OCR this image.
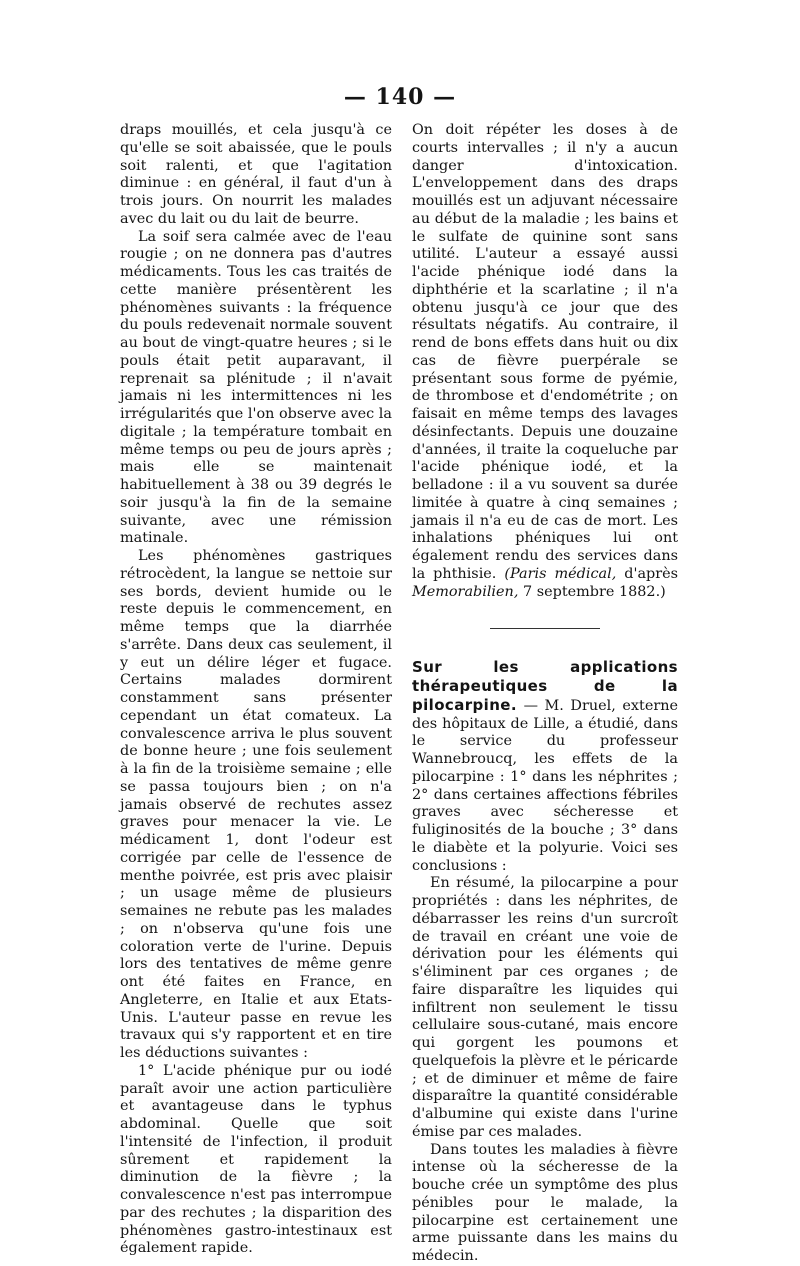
— 140 —

draps mouillés, et cela jusqu'à ce qu'elle se soit abaissée, que le pouls soit ralenti, et que l'agitation diminue : en général, il faut d'un à trois jours. On nourrit les malades avec du lait ou du lait de beurre.

La soif sera calmée avec de l'eau rougie ; on ne donnera pas d'autres médicaments. Tous les cas traités de cette manière présentèrent les phénomènes suivants : la fréquence du pouls redevenait normale souvent au bout de vingt-quatre heures ; si le pouls était petit auparavant, il reprenait sa plénitude ; il n'avait jamais ni les intermittences ni les irrégularités que l'on observe avec la digitale ; la température tombait en même temps ou peu de jours après ; mais elle se maintenait habituellement à 38 ou 39 degrés le soir jusqu'à la fin de la semaine suivante, avec une rémission matinale.

Les phénomènes gastriques rétrocèdent, la langue se nettoie sur ses bords, devient humide ou le reste depuis le commencement, en même temps que la diarrhée s'arrête. Dans deux cas seulement, il y eut un délire léger et fugace. Certains malades dormirent constamment sans présenter cependant un état comateux. La convalescence arriva le plus souvent de bonne heure ; une fois seulement à la fin de la troisième semaine ; elle se passa toujours bien ; on n'a jamais observé de rechutes assez graves pour menacer la vie. Le médicament 1, dont l'odeur est corrigée par celle de l'essence de menthe poivrée, est pris avec plaisir ; un usage même de plusieurs semaines ne rebute pas les malades ; on n'observa qu'une fois une coloration verte de l'urine. Depuis lors des tentatives de même genre ont été faites en France, en Angleterre, en Italie et aux Etats-Unis. L'auteur passe en revue les travaux qui s'y rapportent et en tire les déductions suivantes :

1° L'acide phénique pur ou iodé paraît avoir une action particulière et avantageuse dans le typhus abdominal. Quelle que soit l'intensité de l'infection, il produit sûrement et rapidement la diminution de la fièvre ; la convalescence n'est pas interrompue par des rechutes ; la disparition des phénomènes gastro-intestinaux est également rapide.

On doit répéter les doses à de courts intervalles ; il n'y a aucun danger d'intoxication. L'enveloppement dans des draps mouillés est un adjuvant nécessaire au début de la maladie ; les bains et le sulfate de quinine sont sans utilité. L'auteur a essayé aussi l'acide phénique iodé dans la diphthérie et la scarlatine ; il n'a obtenu jusqu'à ce jour que des résultats négatifs. Au contraire, il rend de bons effets dans huit ou dix cas de fièvre puerpérale se présentant sous forme de pyémie, de thrombose et d'endométrite ; on faisait en même temps des lavages désinfectants. Depuis une douzaine d'années, il traite la coqueluche par l'acide phénique iodé, et la belladone : il a vu souvent sa durée limitée à quatre à cinq semaines ; jamais il n'a eu de cas de mort. Les inhalations phéniques lui ont également rendu des services dans la phthisie. (Paris médical, d'après Memorabilien, 7 septembre 1882.)

Sur les applications thérapeutiques de la pilocarpine. — M. Druel, externe des hôpitaux de Lille, a étudié, dans le service du professeur Wannebroucq, les effets de la pilocarpine : 1° dans les néphrites ; 2° dans certaines affections fébriles graves avec sécheresse et fuliginosités de la bouche ; 3° dans le diabète et la polyurie. Voici ses conclusions :

En résumé, la pilocarpine a pour propriétés : dans les néphrites, de débarrasser les reins d'un surcroît de travail en créant une voie de dérivation pour les éléments qui s'éliminent par ces organes ; de faire disparaître les liquides qui infiltrent non seulement le tissu cellulaire sous-cutané, mais encore qui gorgent les poumons et quelquefois la plèvre et le péricarde ; et de diminuer et même de faire disparaître la quantité considérable d'albumine qui existe dans l'urine émise par ces malades.

Dans toutes les maladies à fièvre intense où la sécheresse de la bouche crée un symptôme des plus pénibles pour le malade, la pilocarpine est certainement une arme puissante dans les mains du médecin.
